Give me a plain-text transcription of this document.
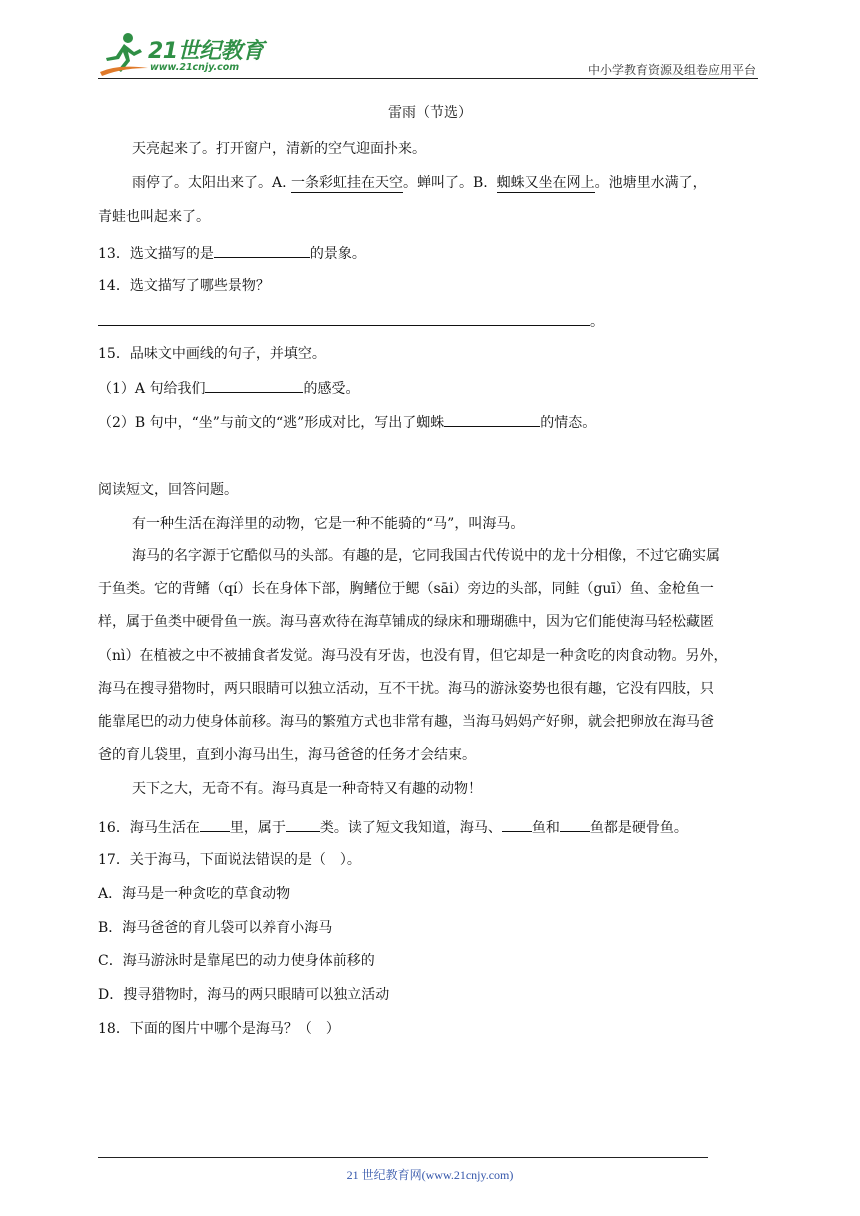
21世纪教育
www.21cnjy.com	中小学教育资源及组卷应用平台
雷雨（节选）
天亮起来了。打开窗户，清新的空气迎面扑来。
雨停了。太阳出来了。A. 一条彩虹挂在天空。蝉叫了。B. 蜘蛛又坐在网上。池塘里水满了，
青蛙也叫起来了。
13．选文描写的是	的景象。
14．选文描写了哪些景物？
。
15．品味文中画线的句子，并填空。
（1）A 句给我们	的感受。
（2）B 句中，“坐”与前文的“逃”形成对比，写出了蜘蛛	的情态。
阅读短文，回答问题。
有一种生活在海洋里的动物，它是一种不能骑的“马”，叫海马。
海马的名字源于它酷似马的头部。有趣的是，它同我国古代传说中的龙十分相像，不过它确实属
于鱼类。它的背鳍（qí）长在身体下部，胸鳍位于鳃（sāi）旁边的头部，同鲑（guī）鱼、金枪鱼一
样，属于鱼类中硬骨鱼一族。海马喜欢待在海草铺成的绿床和珊瑚礁中，因为它们能使海马轻松藏匿
（nì）在植被之中不被捕食者发觉。海马没有牙齿，也没有胃，但它却是一种贪吃的肉食动物。另外，
海马在搜寻猎物时，两只眼睛可以独立活动，互不干扰。海马的游泳姿势也很有趣，它没有四肢，只
能靠尾巴的动力使身体前移。海马的繁殖方式也非常有趣，当海马妈妈产好卵，就会把卵放在海马爸
爸的育儿袋里，直到小海马出生，海马爸爸的任务才会结束。
天下之大，无奇不有。海马真是一种奇特又有趣的动物！
16．海马生活在 里，属于 类。读了短文我知道，海马、 鱼和 鱼都是硬骨鱼。
17．关于海马，下面说法错误的是（　）。
A．海马是一种贪吃的草食动物
B．海马爸爸的育儿袋可以养育小海马
C．海马游泳时是靠尾巴的动力使身体前移的
D．搜寻猎物时，海马的两只眼睛可以独立活动
18．下面的图片中哪个是海马？（　）
21 世纪教育网(www.21cnjy.com)
